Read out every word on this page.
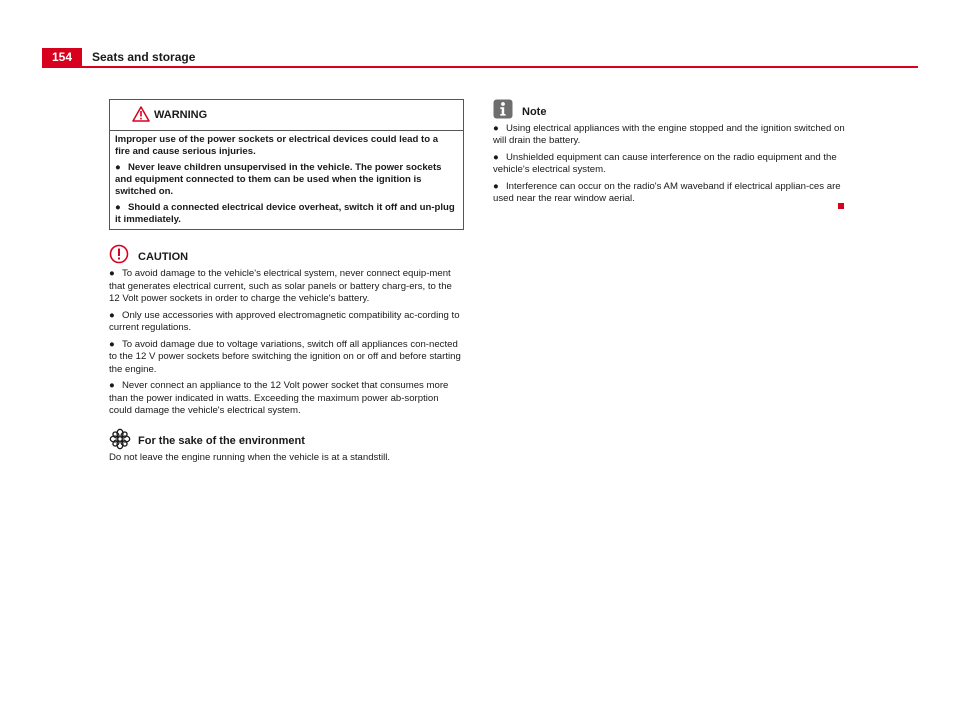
154	Seats and storage
WARNING
Improper use of the power sockets or electrical devices could lead to a fire and cause serious injuries.
● Never leave children unsupervised in the vehicle. The power sockets and equipment connected to them can be used when the ignition is switched on.
● Should a connected electrical device overheat, switch it off and un-plug it immediately.
CAUTION
● To avoid damage to the vehicle's electrical system, never connect equip-ment that generates electrical current, such as solar panels or battery charg-ers, to the 12 Volt power sockets in order to charge the vehicle's battery.
● Only use accessories with approved electromagnetic compatibility ac-cording to current regulations.
● To avoid damage due to voltage variations, switch off all appliances con-nected to the 12 V power sockets before switching the ignition on or off and before starting the engine.
● Never connect an appliance to the 12 Volt power socket that consumes more than the power indicated in watts. Exceeding the maximum power ab-sorption could damage the vehicle's electrical system.
For the sake of the environment
Do not leave the engine running when the vehicle is at a standstill.
Note
● Using electrical appliances with the engine stopped and the ignition switched on will drain the battery.
● Unshielded equipment can cause interference on the radio equipment and the vehicle's electrical system.
● Interference can occur on the radio's AM waveband if electrical applian-ces are used near the rear window aerial.
